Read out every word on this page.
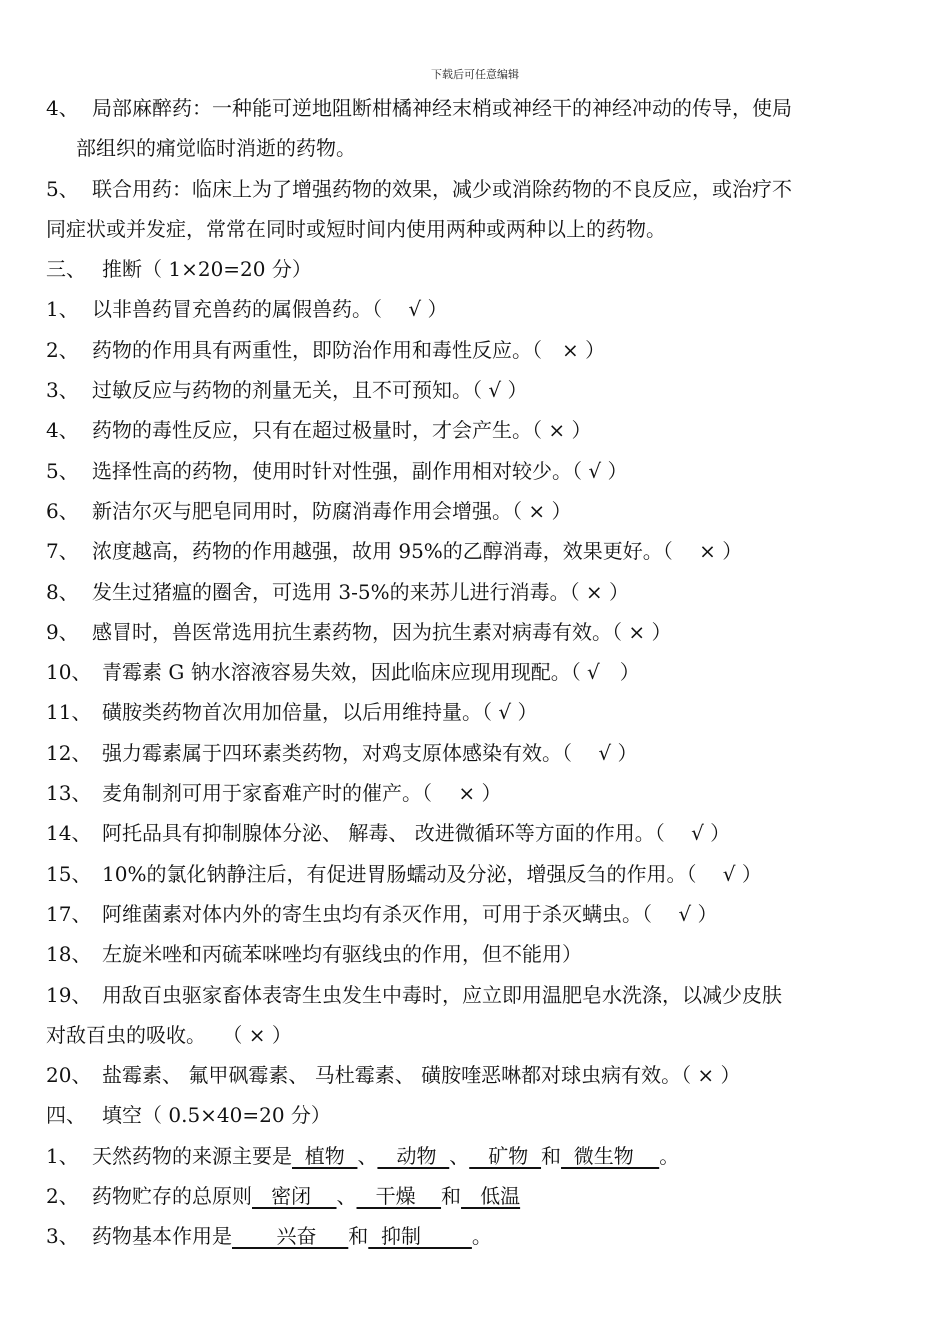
下载后可任意编辑
4、 局部麻醉药：一种能可逆地阻断柑橘神经末梢或神经干的神经冲动的传导，使局
部组织的痛觉临时消逝的药物。
5、 联合用药：临床上为了增强药物的效果，减少或消除药物的不良反应，或治疗不
同症状或并发症，常常在同时或短时间内使用两种或两种以上的药物。
三、 推断（ 1×20=20 分）
1、 以非兽药冒充兽药的属假兽药。（　 √ ）
2、 药物的作用具有两重性，即防治作用和毒性反应。（　× ）
3、 过敏反应与药物的剂量无关，且不可预知。（ √ ）
4、 药物的毒性反应，只有在超过极量时，才会产生。（ × ）
5、 选择性高的药物，使用时针对性强，副作用相对较少。（ √ ）
6、 新洁尔灭与肥皂同用时，防腐消毒作用会增强。（ × ）
7、 浓度越高，药物的作用越强，故用 95%的乙醇消毒，效果更好。（　 × ）
8、 发生过猪瘟的圈舍，可选用 3-5%的来苏儿进行消毒。（ × ）
9、 感冒时，兽医常选用抗生素药物，因为抗生素对病毒有效。（ × ）
10、 青霉素 G 钠水溶液容易失效，因此临床应现用现配。（ √　）
11、 磺胺类药物首次用加倍量，以后用维持量。（ √ ）
12、 强力霉素属于四环素类药物，对鸡支原体感染有效。（　 √ ）
13、 麦角制剂可用于家畜难产时的催产。（　 × ）
14、 阿托品具有抑制腺体分泌、 解毒、 改进微循环等方面的作用。（　 √ ）
15、 10%的氯化钠静注后，有促进胃肠蠕动及分泌，增强反刍的作用。（　 √ ）
17、 阿维菌素对体内外的寄生虫均有杀灭作用，可用于杀灭螨虫。（　 √ ）
18、 左旋米唑和丙硫苯咪唑均有驱线虫的作用，但不能用）
19、 用敌百虫驱家畜体表寄生虫发生中毒时，应立即用温肥皂水洗涤，以减少皮肤
对敌百虫的吸收。　 （ × ）
20、 盐霉素、 氟甲砜霉素、 马杜霉素、 磺胺喹恶啉都对球虫病有效。（ × ）
四、 填空（ 0.5×40=20 分）
1、 天然药物的来源主要是  植物  、   动物  、   矿物  和  微生物    。
2、 药物贮存的总原则   密闭    、   干燥    和   低温
3、 药物基本作用是       兴奋     和  抑制        。
